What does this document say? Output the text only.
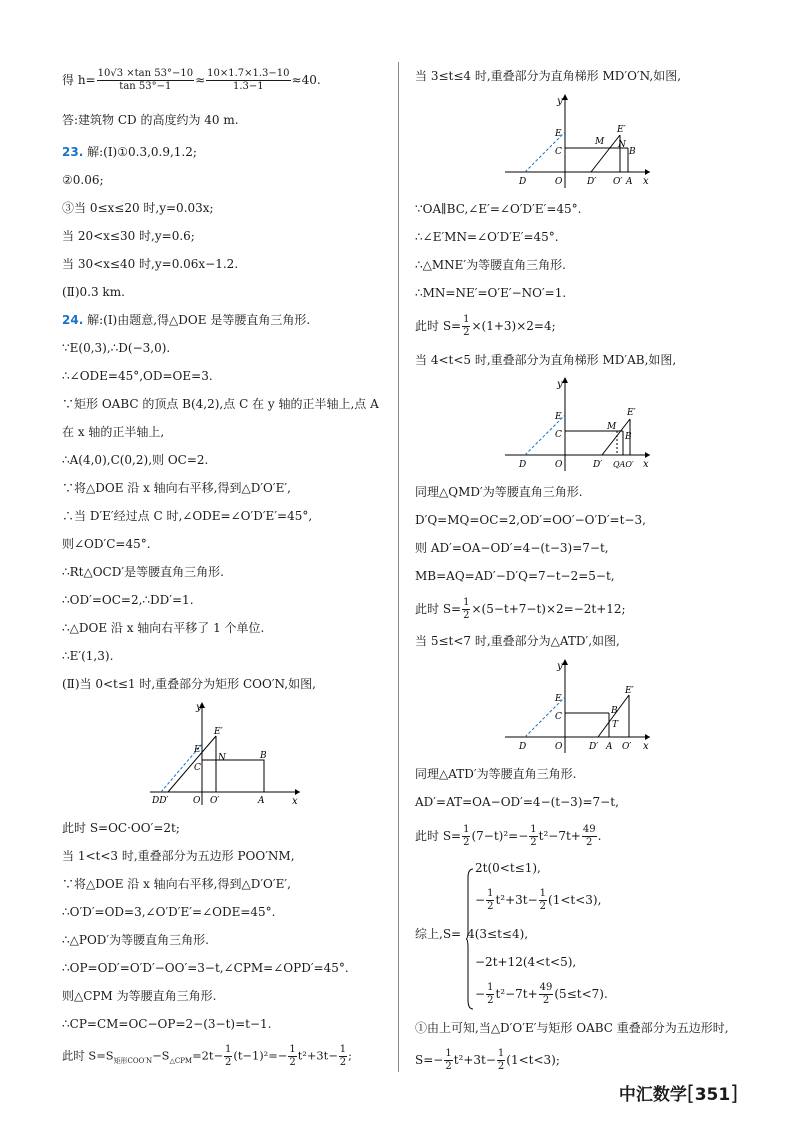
得 $h= \frac{10√3 \times\tan 53^\circ-10}{\tan 53^\circ-1} \approx \frac{10\times 1.7\times 1.3-10}{1.3-1} \approx 40$.
答:建筑物 CD 的高度约为 40 m.
23. 解:(Ⅰ)①0.3,0.9,1.2;
②0.06;
③当 0≤x≤20 时,y=0.03x;
当 20<x≤30 时,y=0.6;
当 30<x≤40 时,y=0.06x−1.2.
(Ⅱ)0.3 km.
24. 解:(Ⅰ)由题意,得△DOE 是等腰直角三角形.
∵E(0,3),∴D(−3,0).
∴∠ODE=45°,OD=OE=3.
∵矩形 OABC 的顶点 B(4,2),点 C 在 y 轴的正半轴上,点 A
在 x 轴的正半轴上,
∴A(4,0),C(0,2),则 OC=2.
∵将△DOE 沿 x 轴向右平移,得到△D′O′E′,
∴当 D′E′经过点 C 时,∠ODE=∠O′D′E′=45°,
则∠OD′C=45°.
∴Rt△OCD′是等腰直角三角形.
∴OD′=OC=2,∴DD′=1.
∴△DOE 沿 x 轴向右平移了 1 个单位.
∴E′(1,3).
(Ⅱ)当 0<t≤1 时,重叠部分为矩形 COO′N,如图,
此时 S=OC·OO′=2t;
当 1<t<3 时,重叠部分为五边形 POO′NM,
∵将△DOE 沿 x 轴向右平移,得到△D′O′E′,
∴O′D′=OD=3,∠O′D′E′=∠ODE=45°.
∴△POD′为等腰直角三角形.
∴OP=OD′=O′D′−OO′=3−t,∠CPM=∠OPD′=45°.
则△CPM 为等腰直角三角形.
∴CP=CM=OC−OP=2−(3−t)=t−1.
此时 $S=S_{矩形COO'N}-S_{\triangle CPM}=2t- \frac{1}{2} (t-1)^2=- \frac{1}{2} t^2+3t- \frac{1}{2}$ ;
y
x
DD′	O O′	A
E
E′
C
N	B
当 3≤t≤4 时,重叠部分为直角梯形 MD′O′N,如图,
∵OA∥BC,∠E′=∠O′D′E′=45°.
∴∠E′MN=∠O′D′E′=45°.
∴△MNE′为等腰直角三角形.
∴MN=NE′=O′E′−NO′=1.
此时 $S= \frac{1}{2} \times(1+3)\times 2=4$;
当 4<t<5 时,重叠部分为直角梯形 MD′AB,如图,
同理△QMD′为等腰直角三角形.
D′Q=MQ=OC=2,OD′=OO′−O′D′=t−3,
则 AD′=OA−OD′=4−(t−3)=7−t,
MB=AQ=AD′−D′Q=7−t−2=5−t,
此时 $S= \frac{1}{2} \times(5-t+7-t)\times 2=-2t+12$;
当 5≤t<7 时,重叠部分为△ATD′,如图,
同理△ATD′为等腰直角三角形.
AD′=AT=OA−OD′=4−(t−3)=7−t,
此时 $S= \frac{1}{2} (7-t)^2=- \frac{1}{2} t^2-7t+ \frac{49}{2}$ .
2t(0<t≤1),
− $\frac{1}{2} t^2+3t- \frac{1}{2} (1<t<3)$,
综上,S= 4(3≤t≤4),
−2t+12(4<t<5),
− $\frac{1}{2} t^2-7t+ \frac{49}{2} (5\le t<7)$.
①由上可知,当△D′O′E′与矩形 OABC 重叠部分为五边形时,
$S=- \frac{1}{2} t^2+3t- \frac{1}{2} (1<t<3)$;
y
x
D	O	D′ O′ A
E
C
E′
M N
B
y
x
D	O	D′ QAO′
E
C
E′
M
B
y
x
D	O	D′ A O′
E
C
E′
B
T
中汇数学[351]
